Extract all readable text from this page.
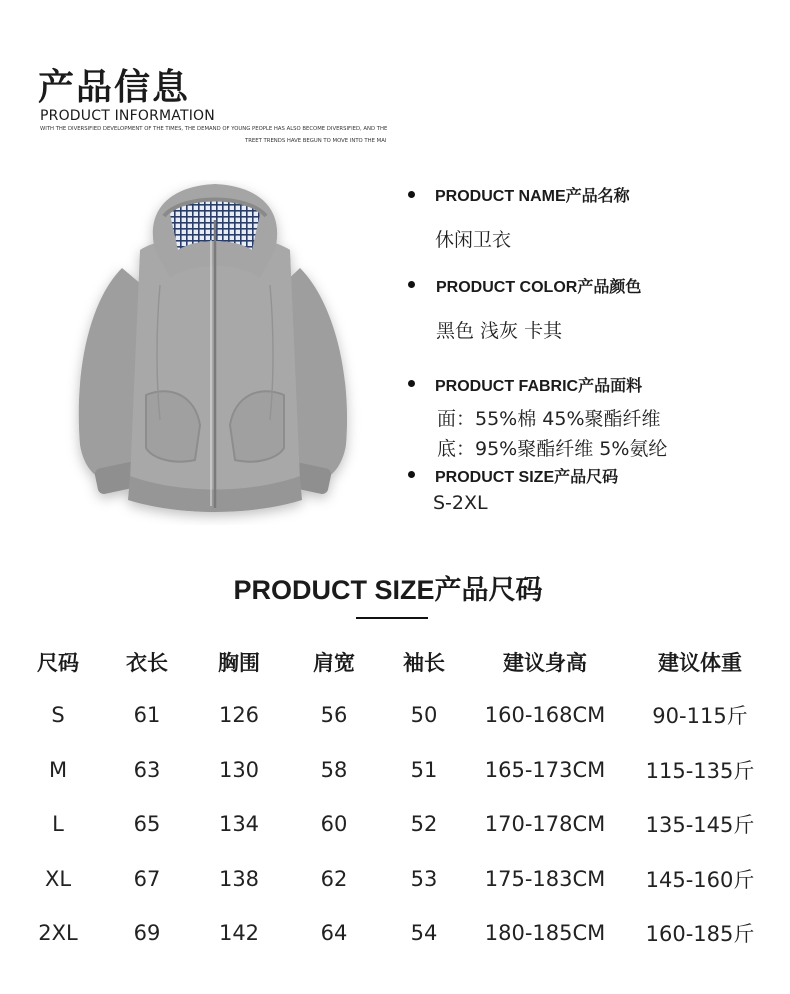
产品信息
PRODUCT INFORMATION
WITH THE DIVERSIFIED DEVELOPMENT OF THE TIMES, THE DEMAND OF YOUNG PEOPLE HAS ALSO BECOME DIVERSIFIED, AND THE
TREET TRENDS HAVE BEGUN TO MOVE INTO THE MAI
PRODUCT NAME产品名称
休闲卫衣
PRODUCT COLOR产品颜色
黑色 浅灰 卡其
PRODUCT FABRIC产品面料
面：55%棉 45%聚酯纤维
底：95%聚酯纤维 5%氨纶
PRODUCT SIZE产品尺码
S-2XL
PRODUCT SIZE产品尺码
尺码	衣长	胸围	肩宽	袖长	建议身高	建议体重
S	61	126	56	50	160-168CM	90-115斤
M	63	130	58	51	165-173CM	115-135斤
L	65	134	60	52	170-178CM	135-145斤
XL	67	138	62	53	175-183CM	145-160斤
2XL	69	142	64	54	180-185CM	160-185斤
